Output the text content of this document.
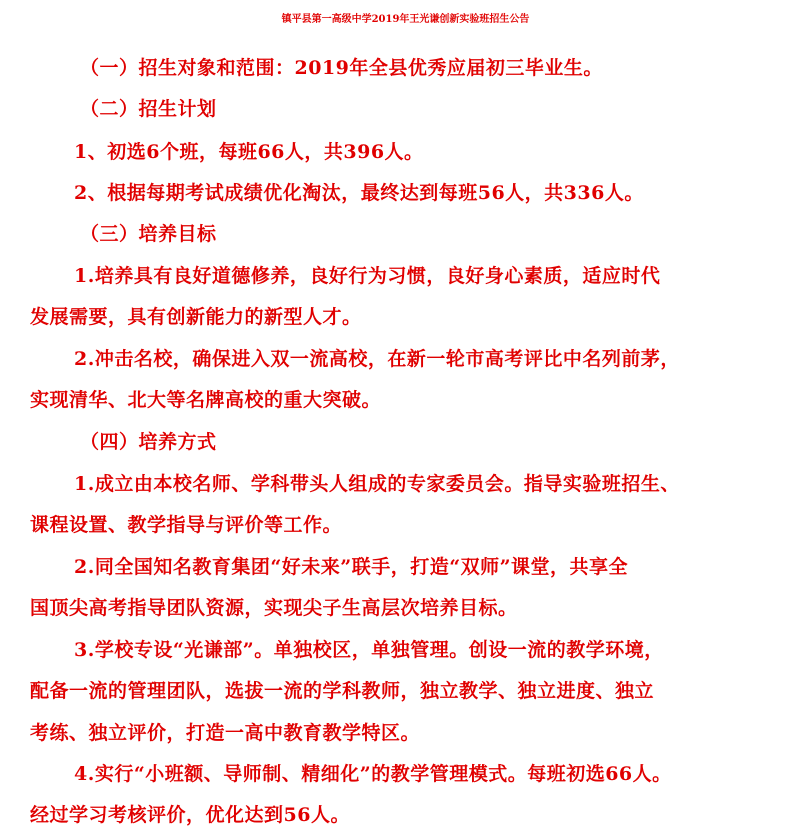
镇平县第一高级中学2019年王光谦创新实验班招生公告
（一）招生对象和范围：2019年全县优秀应届初三毕业生。
（二）招生计划
1、初选6个班，每班66人，共396人。
2、根据每期考试成绩优化淘汰，最终达到每班56人，共336人。
（三）培养目标
1.培养具有良好道德修养，良好行为习惯，良好身心素质，适应时代
发展需要，具有创新能力的新型人才。
2.冲击名校，确保进入双一流高校，在新一轮市高考评比中名列前茅，
实现清华、北大等名牌高校的重大突破。
（四）培养方式
1.成立由本校名师、学科带头人组成的专家委员会。指导实验班招生、
课程设置、教学指导与评价等工作。
2.同全国知名教育集团“好未来”联手，打造“双师”课堂，共享全
国顶尖高考指导团队资源，实现尖子生高层次培养目标。
3.学校专设“光谦部”。单独校区，单独管理。创设一流的教学环境，
配备一流的管理团队，选拔一流的学科教师，独立教学、独立进度、独立
考练、独立评价，打造一高中教育教学特区。
4.实行“小班额、导师制、精细化”的教学管理模式。每班初选66人。
经过学习考核评价，优化达到56人。
